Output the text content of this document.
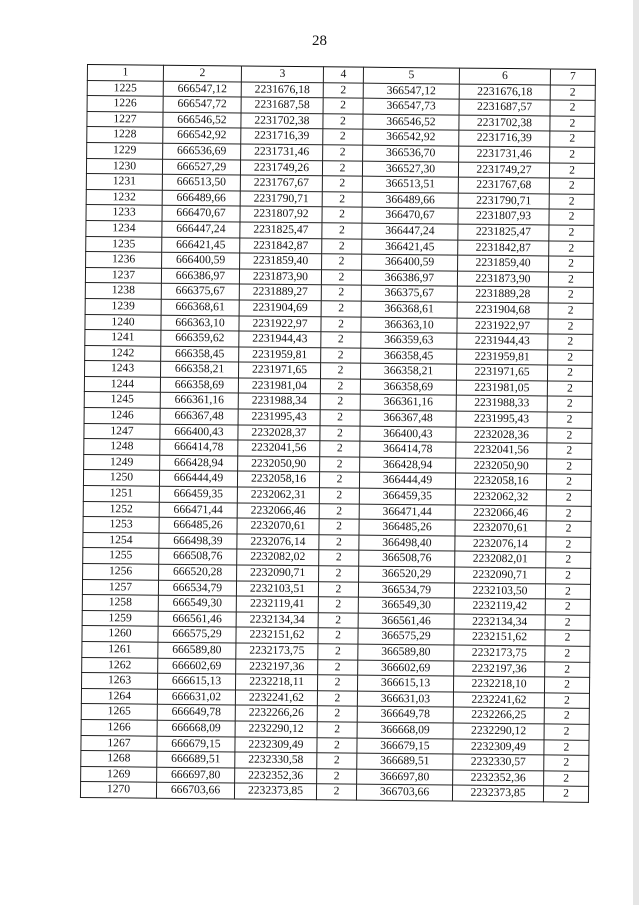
28
1	2	3	4	5	6	7
1225	666547,12	2231676,18	2	366547,12	2231676,18	2
1226	666547,72	2231687,58	2	366547,73	2231687,57	2
1227	666546,52	2231702,38	2	366546,52	2231702,38	2
1228	666542,92	2231716,39	2	366542,92	2231716,39	2
1229	666536,69	2231731,46	2	366536,70	2231731,46	2
1230	666527,29	2231749,26	2	366527,30	2231749,27	2
1231	666513,50	2231767,67	2	366513,51	2231767,68	2
1232	666489,66	2231790,71	2	366489,66	2231790,71	2
1233	666470,67	2231807,92	2	366470,67	2231807,93	2
1234	666447,24	2231825,47	2	366447,24	2231825,47	2
1235	666421,45	2231842,87	2	366421,45	2231842,87	2
1236	666400,59	2231859,40	2	366400,59	2231859,40	2
1237	666386,97	2231873,90	2	366386,97	2231873,90	2
1238	666375,67	2231889,27	2	366375,67	2231889,28	2
1239	666368,61	2231904,69	2	366368,61	2231904,68	2
1240	666363,10	2231922,97	2	366363,10	2231922,97	2
1241	666359,62	2231944,43	2	366359,63	2231944,43	2
1242	666358,45	2231959,81	2	366358,45	2231959,81	2
1243	666358,21	2231971,65	2	366358,21	2231971,65	2
1244	666358,69	2231981,04	2	366358,69	2231981,05	2
1245	666361,16	2231988,34	2	366361,16	2231988,33	2
1246	666367,48	2231995,43	2	366367,48	2231995,43	2
1247	666400,43	2232028,37	2	366400,43	2232028,36	2
1248	666414,78	2232041,56	2	366414,78	2232041,56	2
1249	666428,94	2232050,90	2	366428,94	2232050,90	2
1250	666444,49	2232058,16	2	366444,49	2232058,16	2
1251	666459,35	2232062,31	2	366459,35	2232062,32	2
1252	666471,44	2232066,46	2	366471,44	2232066,46	2
1253	666485,26	2232070,61	2	366485,26	2232070,61	2
1254	666498,39	2232076,14	2	366498,40	2232076,14	2
1255	666508,76	2232082,02	2	366508,76	2232082,01	2
1256	666520,28	2232090,71	2	366520,29	2232090,71	2
1257	666534,79	2232103,51	2	366534,79	2232103,50	2
1258	666549,30	2232119,41	2	366549,30	2232119,42	2
1259	666561,46	2232134,34	2	366561,46	2232134,34	2
1260	666575,29	2232151,62	2	366575,29	2232151,62	2
1261	666589,80	2232173,75	2	366589,80	2232173,75	2
1262	666602,69	2232197,36	2	366602,69	2232197,36	2
1263	666615,13	2232218,11	2	366615,13	2232218,10	2
1264	666631,02	2232241,62	2	366631,03	2232241,62	2
1265	666649,78	2232266,26	2	366649,78	2232266,25	2
1266	666668,09	2232290,12	2	366668,09	2232290,12	2
1267	666679,15	2232309,49	2	366679,15	2232309,49	2
1268	666689,51	2232330,58	2	366689,51	2232330,57	2
1269	666697,80	2232352,36	2	366697,80	2232352,36	2
1270	666703,66	2232373,85	2	366703,66	2232373,85	2
